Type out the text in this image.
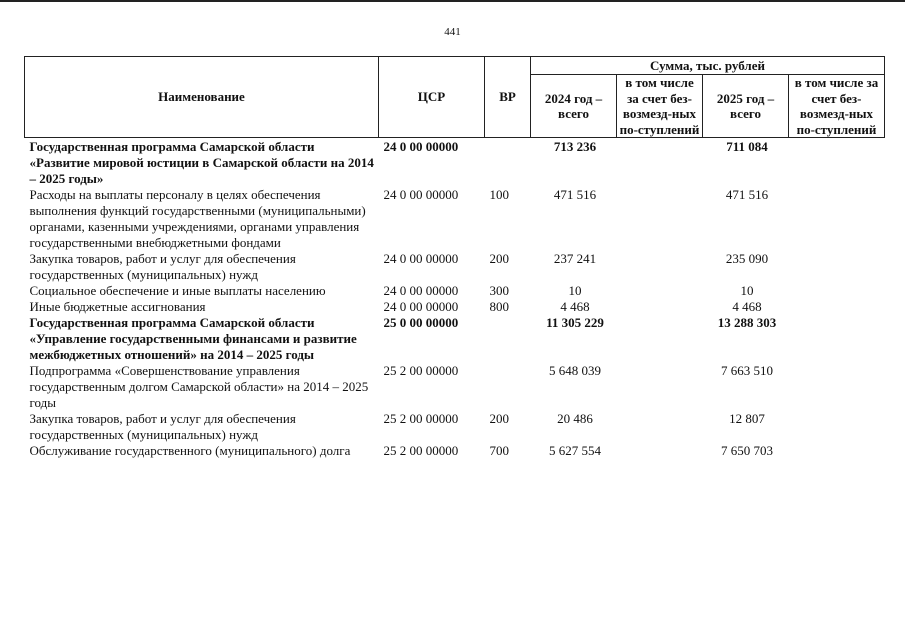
441
Наименование	ЦСР	ВР	Сумма, тыс. рублей			
			2024 год – всего	в том числе за счет без-возмезд-ных по-ступлений	2025 год – всего	в том числе за счет без-возмезд-ных по-ступлений
Государственная программа Самарской области «Развитие мировой юстиции в Самарской области на 2014 – 2025 годы»	24 0 00 00000		713 236		711 084	
Расходы на выплаты персоналу в целях обеспечения выполнения функций государственными (муниципальными) органами, казенными учреждениями, органами управления государственными внебюджетными фондами	24 0 00 00000	100	471 516		471 516	
Закупка товаров, работ и услуг для обеспечения государственных (муниципальных) нужд	24 0 00 00000	200	237 241		235 090	
Социальное обеспечение и иные выплаты населению	24 0 00 00000	300	10		10	
Иные бюджетные ассигнования	24 0 00 00000	800	4 468		4 468	
Государственная программа Самарской области «Управление государственными финансами и развитие межбюджетных отношений» на 2014 – 2025 годы	25 0 00 00000		11 305 229		13 288 303	
Подпрограмма «Совершенствование управления государственным долгом Самарской области» на 2014 – 2025 годы	25 2 00 00000		5 648 039		7 663 510	
Закупка товаров, работ и услуг для обеспечения государственных (муниципальных) нужд	25 2 00 00000	200	20 486		12 807	
Обслуживание государственного (муниципального) долга	25 2 00 00000	700	5 627 554		7 650 703	
